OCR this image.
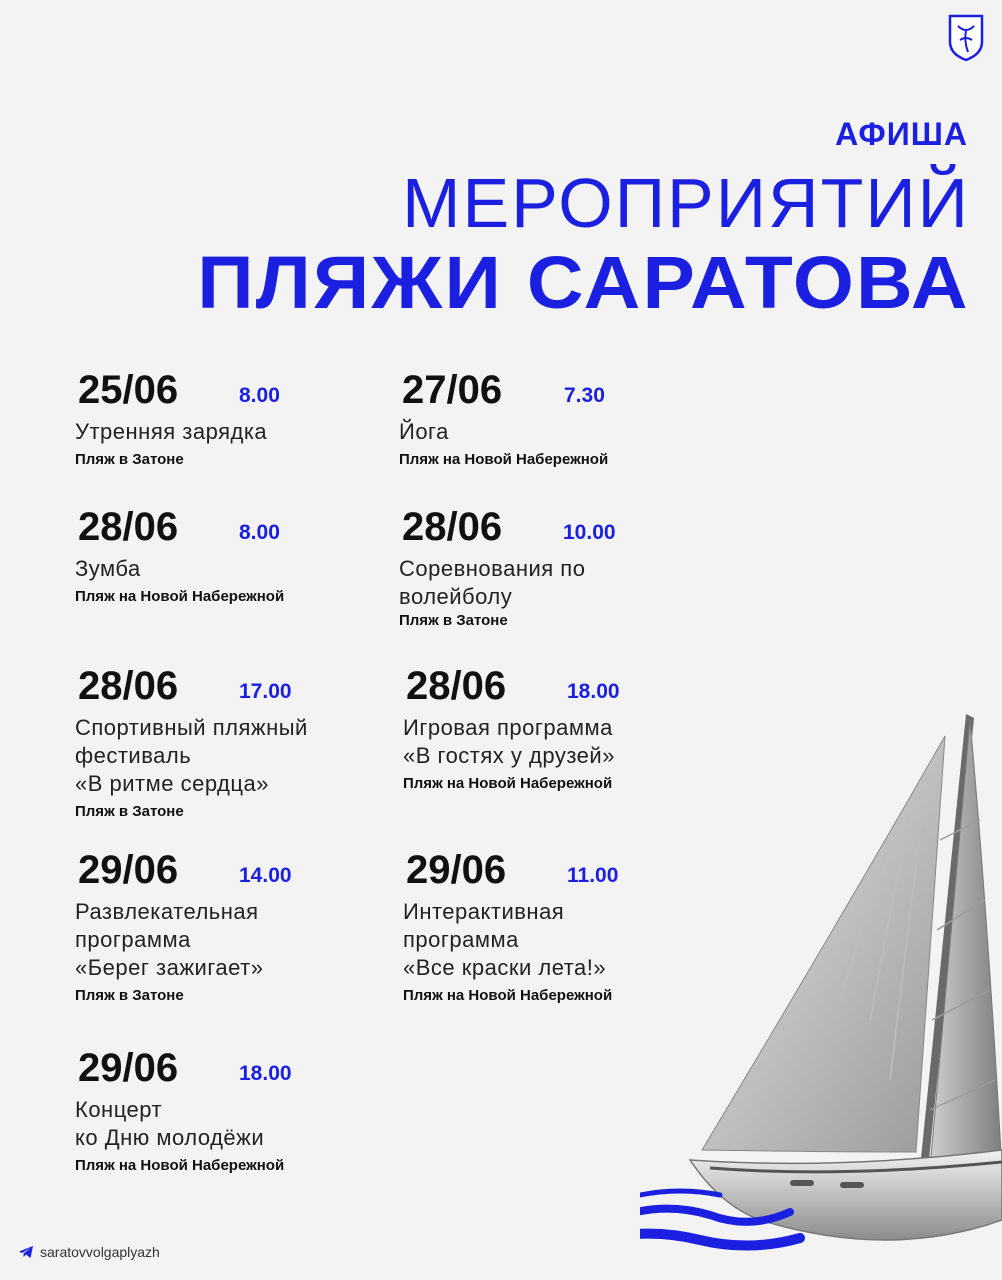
АФИША
МЕРОПРИЯТИЙ
ПЛЯЖИ САРАТОВА
25/06	8.00
Утренняя зарядка
Пляж в Затоне
27/06	7.30
Йога
Пляж на Новой Набережной
28/06	8.00
Зумба
Пляж на Новой Набережной
28/06	10.00
Соревнования по
волейболу
Пляж в Затоне
28/06	17.00
Спортивный пляжный
фестиваль
«В ритме сердца»
Пляж в Затоне
28/06	18.00
Игровая программа
«В гостях у друзей»
Пляж на Новой Набережной
29/06	14.00
Развлекательная
программа
«Берег зажигает»
Пляж в Затоне
29/06	11.00
Интерактивная
программа
«Все краски лета!»
Пляж на Новой Набережной
29/06	18.00
Концерт
ко Дню молодёжи
Пляж на Новой Набережной
saratovvolgaplyazh
